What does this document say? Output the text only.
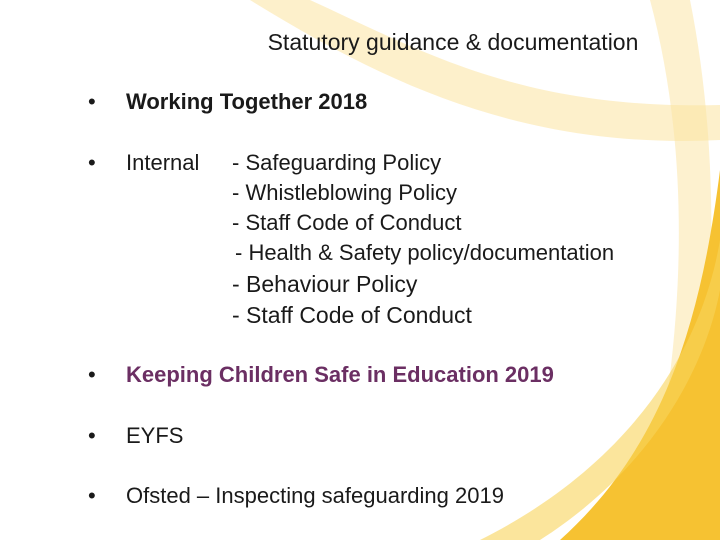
Statutory guidance & documentation
• Working Together 2018
• Internal - Safeguarding Policy
- Whistleblowing Policy
- Staff Code of Conduct
- Health & Safety policy/documentation
- Behaviour Policy
- Staff Code of Conduct
• Keeping Children Safe in Education 2019
• EYFS
• Ofsted – Inspecting safeguarding 2019
